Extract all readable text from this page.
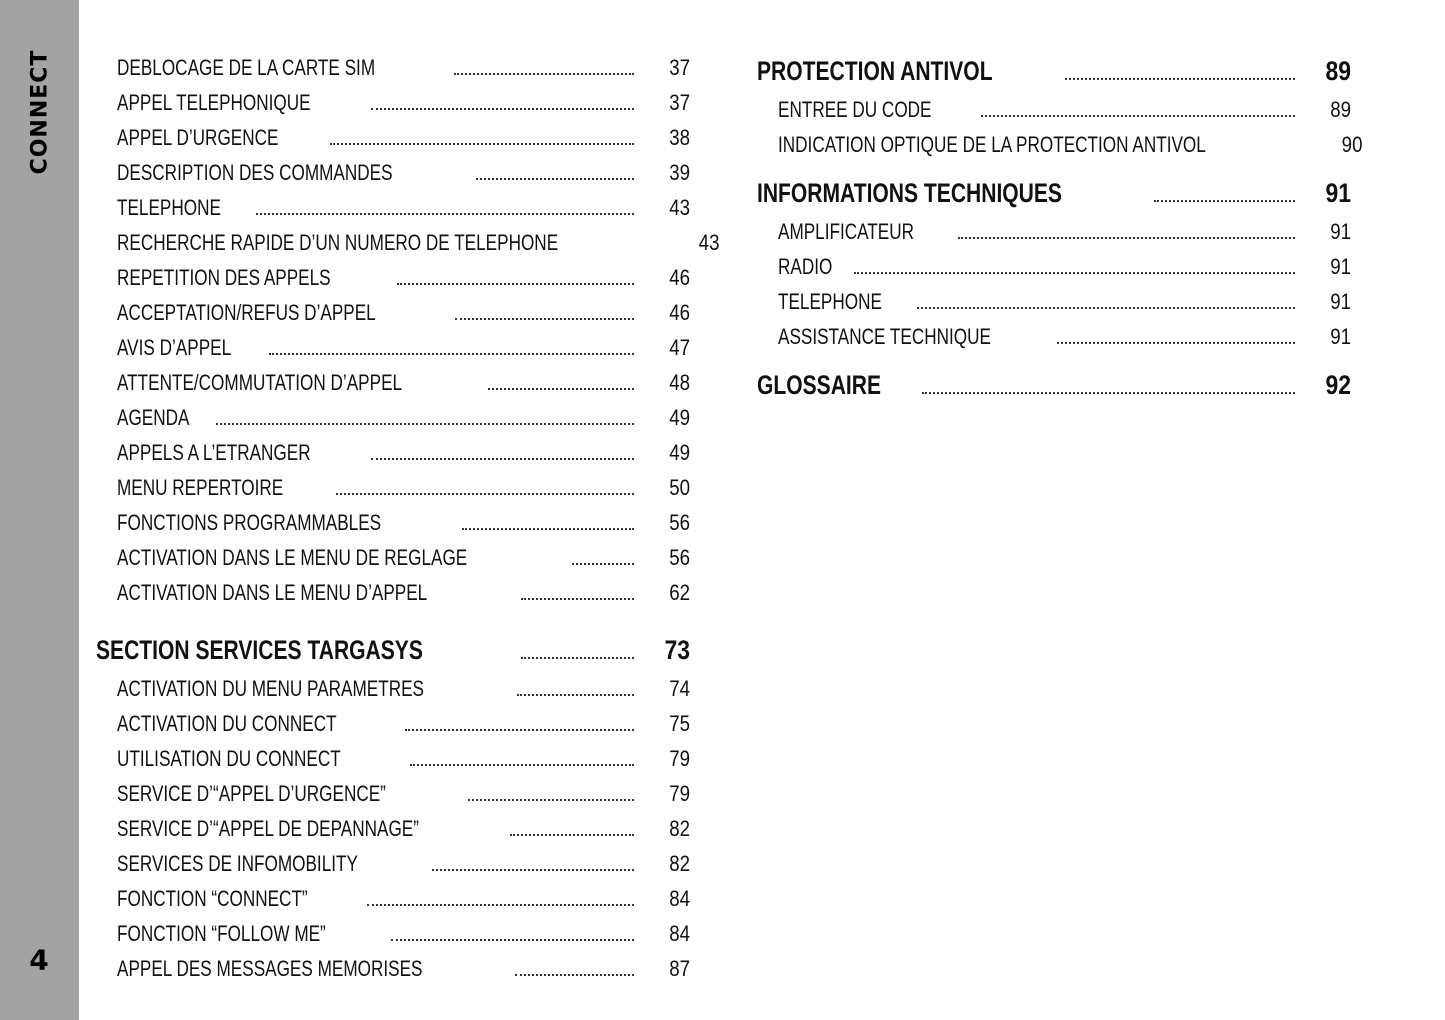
CONNECT
4
DEBLOCAGE DE LA CARTE SIM	37
APPEL TELEPHONIQUE	37
APPEL D’URGENCE	38
DESCRIPTION DES COMMANDES	39
TELEPHONE	43
RECHERCHE RAPIDE D’UN NUMERO DE TELEPHONE	43
REPETITION DES APPELS	46
ACCEPTATION/REFUS D’APPEL	46
AVIS D’APPEL	47
ATTENTE/COMMUTATION D’APPEL	48
AGENDA	49
APPELS A L’ETRANGER	49
MENU REPERTOIRE	50
FONCTIONS PROGRAMMABLES	56
ACTIVATION DANS LE MENU DE REGLAGE	56
ACTIVATION DANS LE MENU D’APPEL	62
SECTION SERVICES TARGASYS	73
ACTIVATION DU MENU PARAMETRES	74
ACTIVATION DU CONNECT	75
UTILISATION DU CONNECT	79
SERVICE D’“APPEL D’URGENCE”	79
SERVICE D’“APPEL DE DEPANNAGE”	82
SERVICES DE INFOMOBILITY	82
FONCTION “CONNECT”	84
FONCTION “FOLLOW ME”	84
APPEL DES MESSAGES MEMORISES	87
PROTECTION ANTIVOL	89
ENTREE DU CODE	89
INDICATION OPTIQUE DE LA PROTECTION ANTIVOL	90
INFORMATIONS TECHNIQUES	91
AMPLIFICATEUR	91
RADIO	91
TELEPHONE	91
ASSISTANCE TECHNIQUE	91
GLOSSAIRE	92
